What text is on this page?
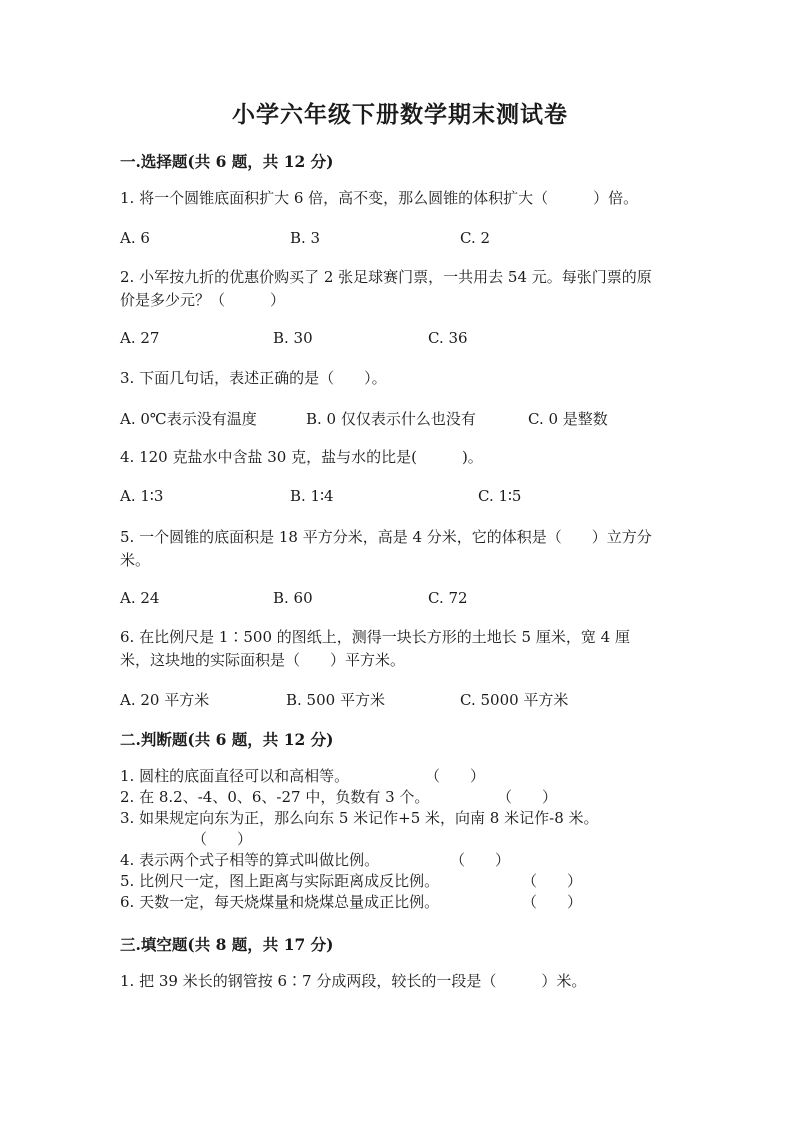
小学六年级下册数学期末测试卷
一.选择题(共 6 题，共 12 分)
1. 将一个圆锥底面积扩大 6 倍，高不变，那么圆锥的体积扩大（　　　）倍。
A. 6	B. 3	C. 2
2. 小军按九折的优惠价购买了 2 张足球赛门票，一共用去 54 元。每张门票的原
价是多少元？（　　　）
A. 27	B. 30	C. 36
3. 下面几句话，表述正确的是（　　）。
A. 0℃表示没有温度	B. 0 仅仅表示什么也没有	C. 0 是整数
4. 120 克盐水中含盐 30 克，盐与水的比是(　　　)。
A. 1∶3	B. 1∶4	C. 1∶5
5. 一个圆锥的底面积是 18 平方分米，高是 4 分米，它的体积是（　　）立方分
米。
A. 24	B. 60	C. 72
6. 在比例尺是 1∶500 的图纸上，测得一块长方形的土地长 5 厘米，宽 4 厘
米，这块地的实际面积是（　　）平方米。
A. 20 平方米	B. 500 平方米	C. 5000 平方米
二.判断题(共 6 题，共 12 分)
1. 圆柱的底面直径可以和高相等。	（　　）
2. 在 8.2、-4、0、6、-27 中，负数有 3 个。	（　　）
3. 如果规定向东为正，那么向东 5 米记作+5 米，向南 8 米记作-8 米。
（　　）
4. 表示两个式子相等的算式叫做比例。	（　　）
5. 比例尺一定，图上距离与实际距离成反比例。	（　　）
6. 天数一定，每天烧煤量和烧煤总量成正比例。	（　　）
三.填空题(共 8 题，共 17 分)
1. 把 39 米长的钢管按 6∶7 分成两段，较长的一段是（　　　）米。
